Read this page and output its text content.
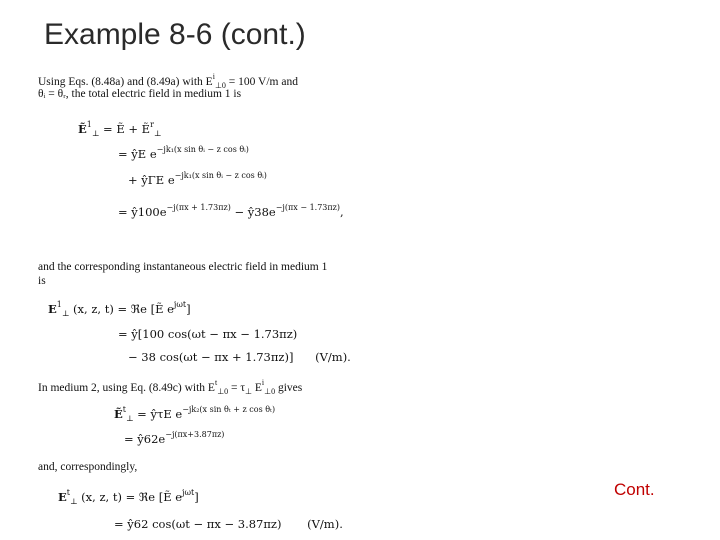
Example 8-6 (cont.)
Using Eqs. (8.48a) and (8.49a) with $E^i_{\perp 0} = 100$ V/m and
θᵢ = θᵣ, the total electric field in medium 1 is
Ẽ$^1_\perp$ = Ẽ + Ẽ$^r_\perp$
= ŷE $e^{-jk_1(x sin \theta ᵢ - z cos \theta ᵢ)}$
+ ŷΓE $e^{-jk_1(x sin \theta ᵢ - z cos \theta ᵢ)}$
= $ŷ100e^{-j(\pi x + 1.73\pi z)}$ − $ŷ38e^{-j(\pi x - 1.73\pi z)}$,
and the corresponding instantaneous electric field in medium 1
is
$E^1_\perp$ (x, z, t) = ℜe [Ẽ $e^{j\omega t}$]
= ŷ[100 cos(ωt − πx − 1.73πz)
− 38 cos(ωt − πx + 1.73πz)] (V/m).
In medium 2, using Eq. (8.49c) with $E^t_{\perp 0} = \tau_\perp$ $E^i_{\perp 0}$ gives
Ẽ$^t_\perp$ = ŷτE $e^{-jk_2(x sin \theta_t + z cos \theta_t)}$
= $ŷ62e^{-j(\pi x+3.87\pi z)}$
and, correspondingly,
$E^t_\perp$ (x, z, t) = ℜe [Ẽ $e^{j\omega t}$]
= ŷ62 cos(ωt − πx − 3.87πz) (V/m).
Cont.
